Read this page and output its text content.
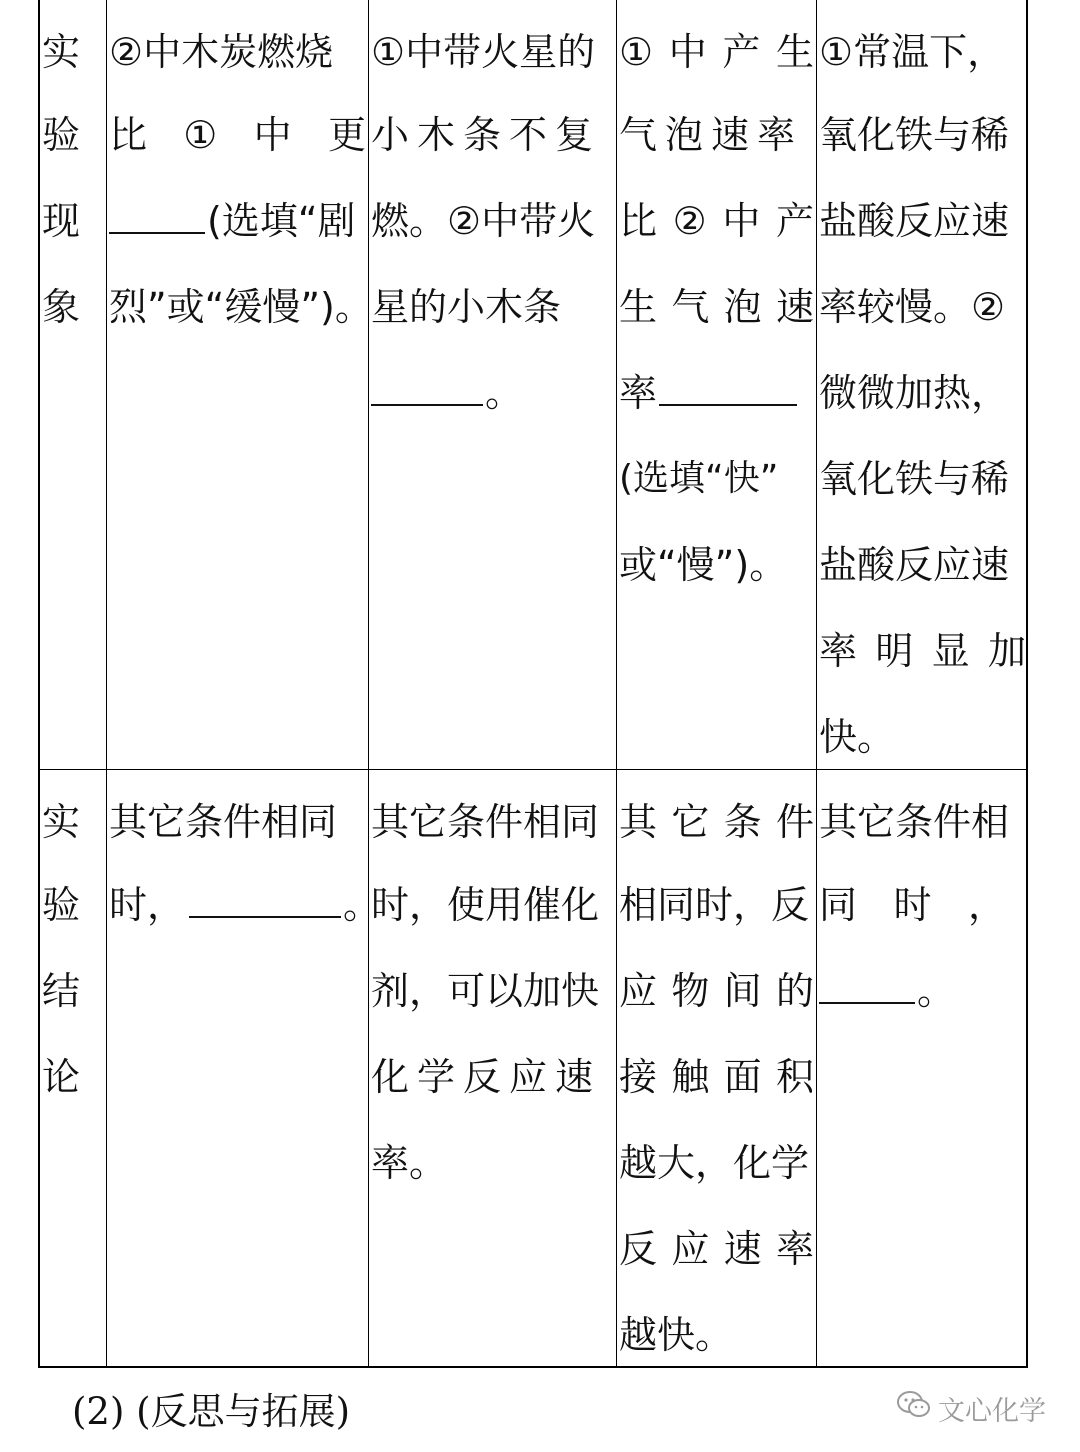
实
验
现
象
②中木炭燃烧
比 ① 中 更
(选填“剧
烈”或“缓慢”)。
①中带火星的
小木条不复
燃。②中带火
星的小木条
。
① 中 产 生
气泡速率
比 ② 中 产
生 气 泡 速
率
(选填“快”
或“慢”)。
①常温下，
氧化铁与稀
盐酸反应速
率较慢。②
微微加热，
氧化铁与稀
盐酸反应速
率 明 显 加
快。
实
验
结
论
其它条件相同
时，	。
其它条件相同
时，使用催化
剂，可以加快
化学反应速
率。
其 它 条 件
相同时，反
应 物 间 的
接 触 面 积
越大，化学
反 应 速 率
越快。
其它条件相
同 时 ，
。
(2) (反思与拓展)	文心化学
